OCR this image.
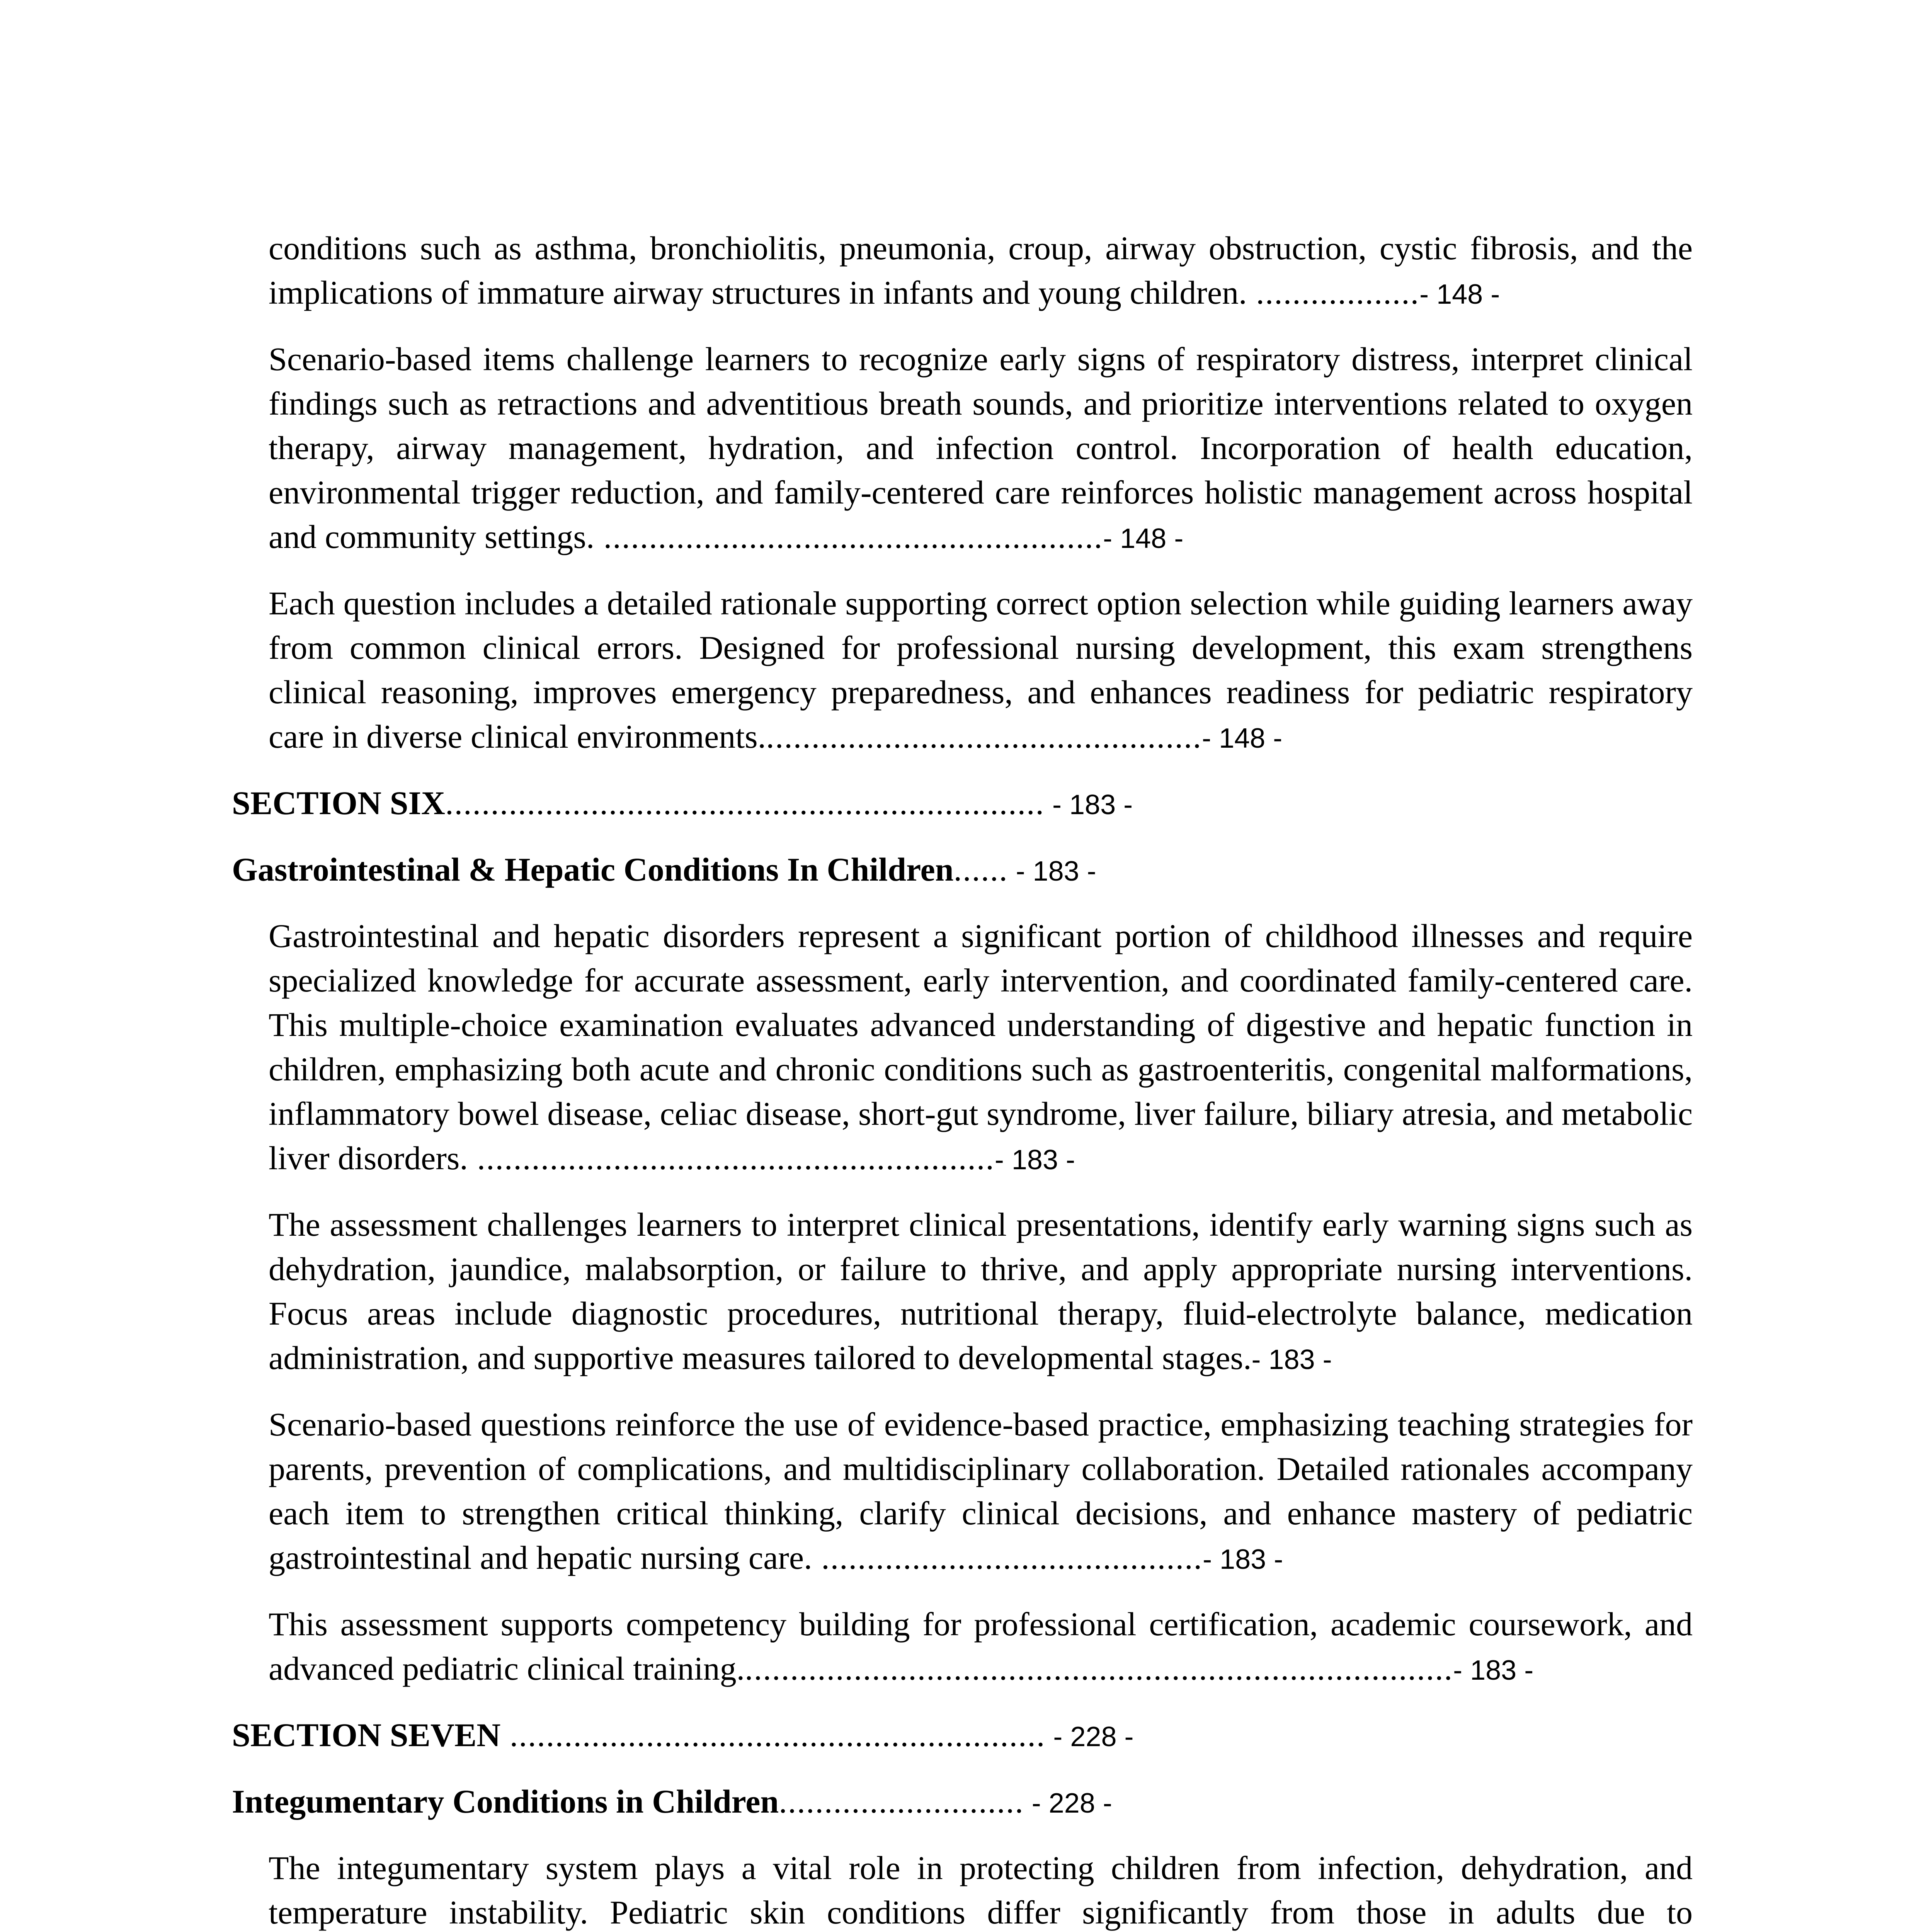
conditions such as asthma, bronchiolitis, pneumonia, croup, airway obstruction, cystic fibrosis, and the implications of immature airway structures in infants and young children. ..................- 148 -

Scenario-based items challenge learners to recognize early signs of respiratory distress, interpret clinical findings such as retractions and adventitious breath sounds, and prioritize interventions related to oxygen therapy, airway management, hydration, and infection control. Incorporation of health education, environmental trigger reduction, and family-centered care reinforces holistic management across hospital and community settings. .......................................................- 148 -

Each question includes a detailed rationale supporting correct option selection while guiding learners away from common clinical errors. Designed for professional nursing development, this exam strengthens clinical reasoning, improves emergency preparedness, and enhances readiness for pediatric respiratory care in diverse clinical environments.................................................- 148 -

SECTION SIX.................................................................. - 183 -

Gastrointestinal & Hepatic Conditions In Children...... - 183 -

Gastrointestinal and hepatic disorders represent a significant portion of childhood illnesses and require specialized knowledge for accurate assessment, early intervention, and coordinated family-centered care. This multiple-choice examination evaluates advanced understanding of digestive and hepatic function in children, emphasizing both acute and chronic conditions such as gastroenteritis, congenital malformations, inflammatory bowel disease, celiac disease, short-gut syndrome, liver failure, biliary atresia, and metabolic liver disorders. .........................................................- 183 -

The assessment challenges learners to interpret clinical presentations, identify early warning signs such as dehydration, jaundice, malabsorption, or failure to thrive, and apply appropriate nursing interventions. Focus areas include diagnostic procedures, nutritional therapy, fluid-electrolyte balance, medication administration, and supportive measures tailored to developmental stages.- 183 -

Scenario-based questions reinforce the use of evidence-based practice, emphasizing teaching strategies for parents, prevention of complications, and multidisciplinary collaboration. Detailed rationales accompany each item to strengthen critical thinking, clarify clinical decisions, and enhance mastery of pediatric gastrointestinal and hepatic nursing care. ..........................................- 183 -

This assessment supports competency building for professional certification, academic coursework, and advanced pediatric clinical training...............................................................................- 183 -

SECTION SEVEN ........................................................... - 228 -

Integumentary Conditions in Children........................... - 228 -

The integumentary system plays a vital role in protecting children from infection, dehydration, and temperature instability. Pediatric skin conditions differ significantly from those in adults due to
